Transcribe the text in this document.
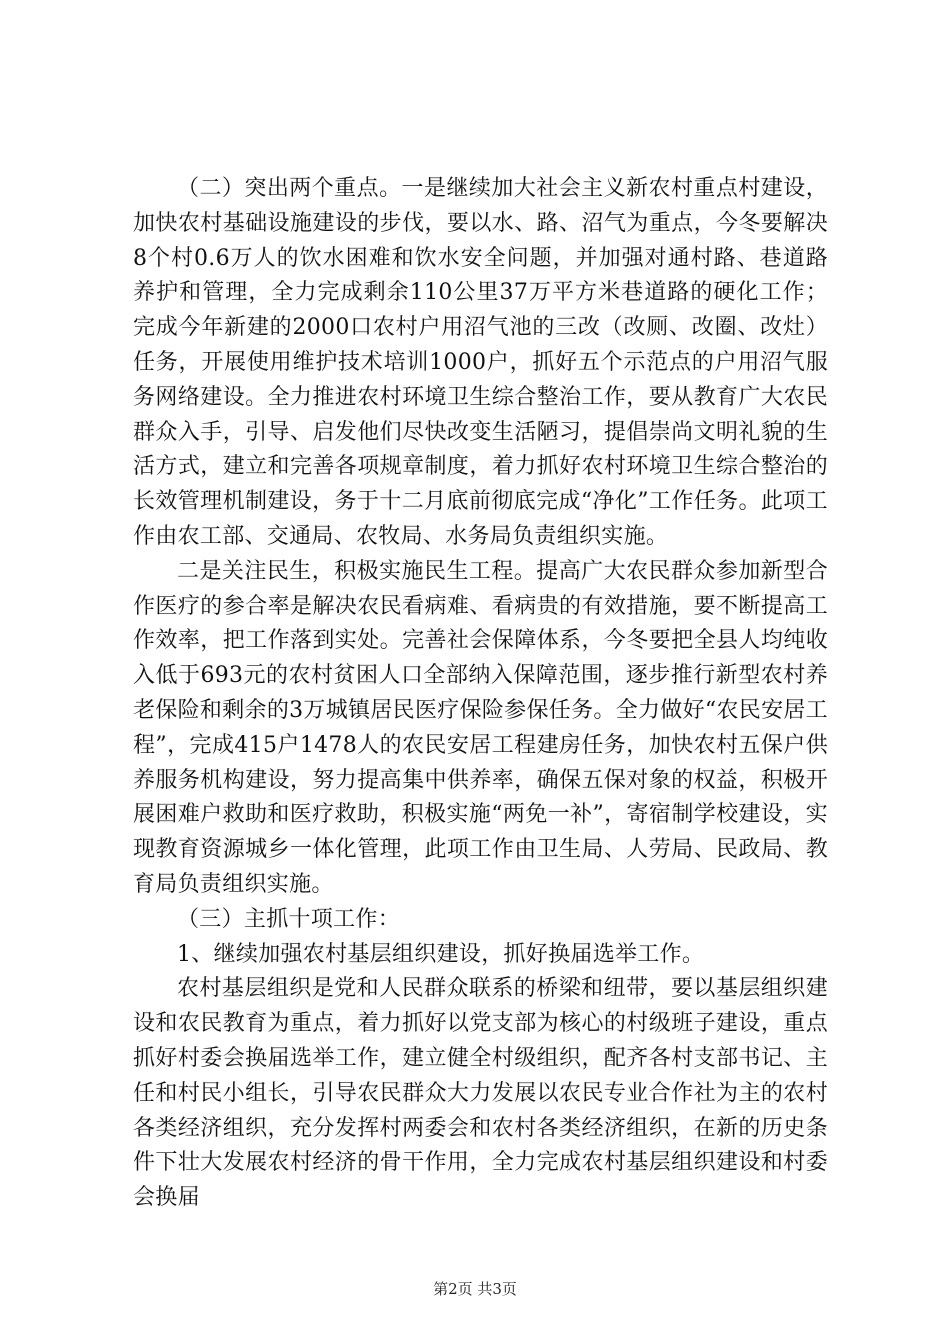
（二）突出两个重点。一是继续加大社会主义新农村重点村建设，加快农村基础设施建设的步伐，要以水、路、沼气为重点，今冬要解决8个村0.6万人的饮水困难和饮水安全问题，并加强对通村路、巷道路养护和管理，全力完成剩余110公里37万平方米巷道路的硬化工作；完成今年新建的2000口农村户用沼气池的三改（改厕、改圈、改灶）任务，开展使用维护技术培训1000户，抓好五个示范点的户用沼气服务网络建设。全力推进农村环境卫生综合整治工作，要从教育广大农民群众入手，引导、启发他们尽快改变生活陋习，提倡崇尚文明礼貌的生活方式，建立和完善各项规章制度，着力抓好农村环境卫生综合整治的长效管理机制建设，务于十二月底前彻底完成“净化”工作任务。此项工作由农工部、交通局、农牧局、水务局负责组织实施。

二是关注民生，积极实施民生工程。提高广大农民群众参加新型合作医疗的参合率是解决农民看病难、看病贵的有效措施，要不断提高工作效率，把工作落到实处。完善社会保障体系，今冬要把全县人均纯收入低于693元的农村贫困人口全部纳入保障范围，逐步推行新型农村养老保险和剩余的3万城镇居民医疗保险参保任务。全力做好“农民安居工程”，完成415户1478人的农民安居工程建房任务，加快农村五保户供养服务机构建设，努力提高集中供养率，确保五保对象的权益，积极开展困难户救助和医疗救助，积极实施“两免一补”，寄宿制学校建设，实现教育资源城乡一体化管理，此项工作由卫生局、人劳局、民政局、教育局负责组织实施。

（三）主抓十项工作：

1、继续加强农村基层组织建设，抓好换届选举工作。

农村基层组织是党和人民群众联系的桥梁和纽带，要以基层组织建设和农民教育为重点，着力抓好以党支部为核心的村级班子建设，重点抓好村委会换届选举工作，建立健全村级组织，配齐各村支部书记、主任和村民小组长，引导农民群众大力发展以农民专业合作社为主的农村各类经济组织，充分发挥村两委会和农村各类经济组织，在新的历史条件下壮大发展农村经济的骨干作用，全力完成农村基层组织建设和村委会换届

第2页 共3页
